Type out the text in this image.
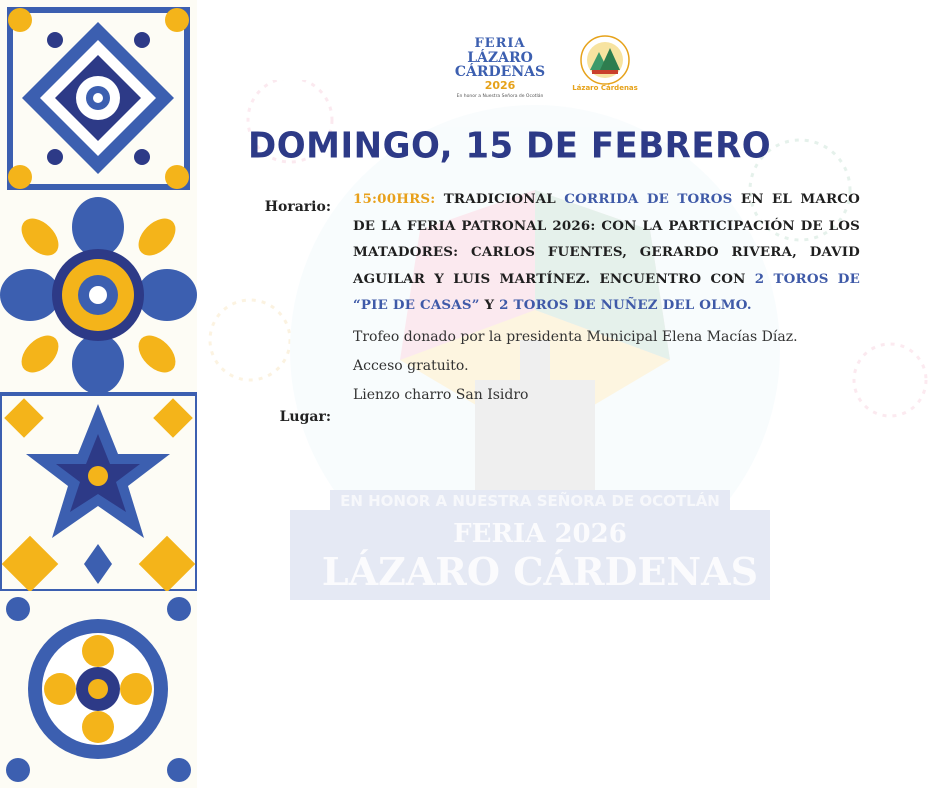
EN HONOR A NUESTRA SEÑORA DE OCOTLÁN
FERIA 2026
LÁZARO CÁRDENAS
FERIA
LÁZARO CÁRDENAS
2026
En honor a Nuestra Señora de Ocotlán
Lázaro Cárdenas
DOMINGO, 15 DE FEBRERO
Horario:
Lugar:

15:00HRS: TRADICIONAL CORRIDA DE TOROS EN EL MARCO DE LA FERIA PATRONAL 2026: CON LA PARTICIPACIÓN DE LOS MATADORES: CARLOS FUENTES, GERARDO RIVERA, DAVID AGUILAR Y LUIS MARTÍNEZ. ENCUENTRO CON 2 TOROS DE “PIE DE CASAS” Y 2 TOROS DE NUÑEZ DEL OLMO.

Trofeo donado por la presidenta Municipal Elena Macías Díaz.

Acceso gratuito.

Lienzo charro San Isidro
